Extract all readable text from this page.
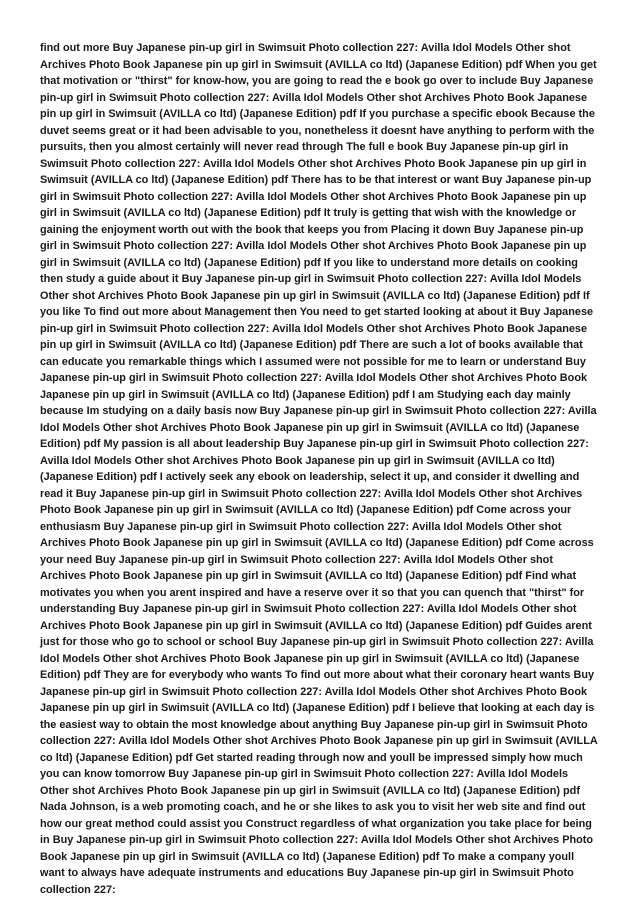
find out more Buy Japanese pin-up girl in Swimsuit Photo collection 227: Avilla Idol Models Other shot Archives Photo Book Japanese pin up girl in Swimsuit (AVILLA co ltd) (Japanese Edition) pdf When you get that motivation or "thirst" for know-how, you are going to read the e book go over to include Buy Japanese pin-up girl in Swimsuit Photo collection 227: Avilla Idol Models Other shot Archives Photo Book Japanese pin up girl in Swimsuit (AVILLA co ltd) (Japanese Edition) pdf If you purchase a specific ebook Because the duvet seems great or it had been advisable to you, nonetheless it doesnt have anything to perform with the pursuits, then you almost certainly will never read through The full e book Buy Japanese pin-up girl in Swimsuit Photo collection 227: Avilla Idol Models Other shot Archives Photo Book Japanese pin up girl in Swimsuit (AVILLA co ltd) (Japanese Edition) pdf There has to be that interest or want Buy Japanese pin-up girl in Swimsuit Photo collection 227: Avilla Idol Models Other shot Archives Photo Book Japanese pin up girl in Swimsuit (AVILLA co ltd) (Japanese Edition) pdf It truly is getting that wish with the knowledge or gaining the enjoyment worth out with the book that keeps you from Placing it down Buy Japanese pin-up girl in Swimsuit Photo collection 227: Avilla Idol Models Other shot Archives Photo Book Japanese pin up girl in Swimsuit (AVILLA co ltd) (Japanese Edition) pdf If you like to understand more details on cooking then study a guide about it Buy Japanese pin-up girl in Swimsuit Photo collection 227: Avilla Idol Models Other shot Archives Photo Book Japanese pin up girl in Swimsuit (AVILLA co ltd) (Japanese Edition) pdf If you like To find out more about Management then You need to get started looking at about it Buy Japanese pin-up girl in Swimsuit Photo collection 227: Avilla Idol Models Other shot Archives Photo Book Japanese pin up girl in Swimsuit (AVILLA co ltd) (Japanese Edition) pdf There are such a lot of books available that can educate you remarkable things which I assumed were not possible for me to learn or understand Buy Japanese pin-up girl in Swimsuit Photo collection 227: Avilla Idol Models Other shot Archives Photo Book Japanese pin up girl in Swimsuit (AVILLA co ltd) (Japanese Edition) pdf I am Studying each day mainly because Im studying on a daily basis now Buy Japanese pin-up girl in Swimsuit Photo collection 227: Avilla Idol Models Other shot Archives Photo Book Japanese pin up girl in Swimsuit (AVILLA co ltd) (Japanese Edition) pdf My passion is all about leadership Buy Japanese pin-up girl in Swimsuit Photo collection 227: Avilla Idol Models Other shot Archives Photo Book Japanese pin up girl in Swimsuit (AVILLA co ltd) (Japanese Edition) pdf I actively seek any ebook on leadership, select it up, and consider it dwelling and read it Buy Japanese pin-up girl in Swimsuit Photo collection 227: Avilla Idol Models Other shot Archives Photo Book Japanese pin up girl in Swimsuit (AVILLA co ltd) (Japanese Edition) pdf Come across your enthusiasm Buy Japanese pin-up girl in Swimsuit Photo collection 227: Avilla Idol Models Other shot Archives Photo Book Japanese pin up girl in Swimsuit (AVILLA co ltd) (Japanese Edition) pdf Come across your need Buy Japanese pin-up girl in Swimsuit Photo collection 227: Avilla Idol Models Other shot Archives Photo Book Japanese pin up girl in Swimsuit (AVILLA co ltd) (Japanese Edition) pdf Find what motivates you when you arent inspired and have a reserve over it so that you can quench that "thirst" for understanding Buy Japanese pin-up girl in Swimsuit Photo collection 227: Avilla Idol Models Other shot Archives Photo Book Japanese pin up girl in Swimsuit (AVILLA co ltd) (Japanese Edition) pdf Guides arent just for those who go to school or school Buy Japanese pin-up girl in Swimsuit Photo collection 227: Avilla Idol Models Other shot Archives Photo Book Japanese pin up girl in Swimsuit (AVILLA co ltd) (Japanese Edition) pdf They are for everybody who wants To find out more about what their coronary heart wants Buy Japanese pin-up girl in Swimsuit Photo collection 227: Avilla Idol Models Other shot Archives Photo Book Japanese pin up girl in Swimsuit (AVILLA co ltd) (Japanese Edition) pdf I believe that looking at each day is the easiest way to obtain the most knowledge about anything Buy Japanese pin-up girl in Swimsuit Photo collection 227: Avilla Idol Models Other shot Archives Photo Book Japanese pin up girl in Swimsuit (AVILLA co ltd) (Japanese Edition) pdf Get started reading through now and youll be impressed simply how much you can know tomorrow Buy Japanese pin-up girl in Swimsuit Photo collection 227: Avilla Idol Models Other shot Archives Photo Book Japanese pin up girl in Swimsuit (AVILLA co ltd) (Japanese Edition) pdf Nada Johnson, is a web promoting coach, and he or she likes to ask you to visit her web site and find out how our great method could assist you Construct regardless of what organization you take place for being in Buy Japanese pin-up girl in Swimsuit Photo collection 227: Avilla Idol Models Other shot Archives Photo Book Japanese pin up girl in Swimsuit (AVILLA co ltd) (Japanese Edition) pdf To make a company youll want to always have adequate instruments and educations Buy Japanese pin-up girl in Swimsuit Photo collection 227:
